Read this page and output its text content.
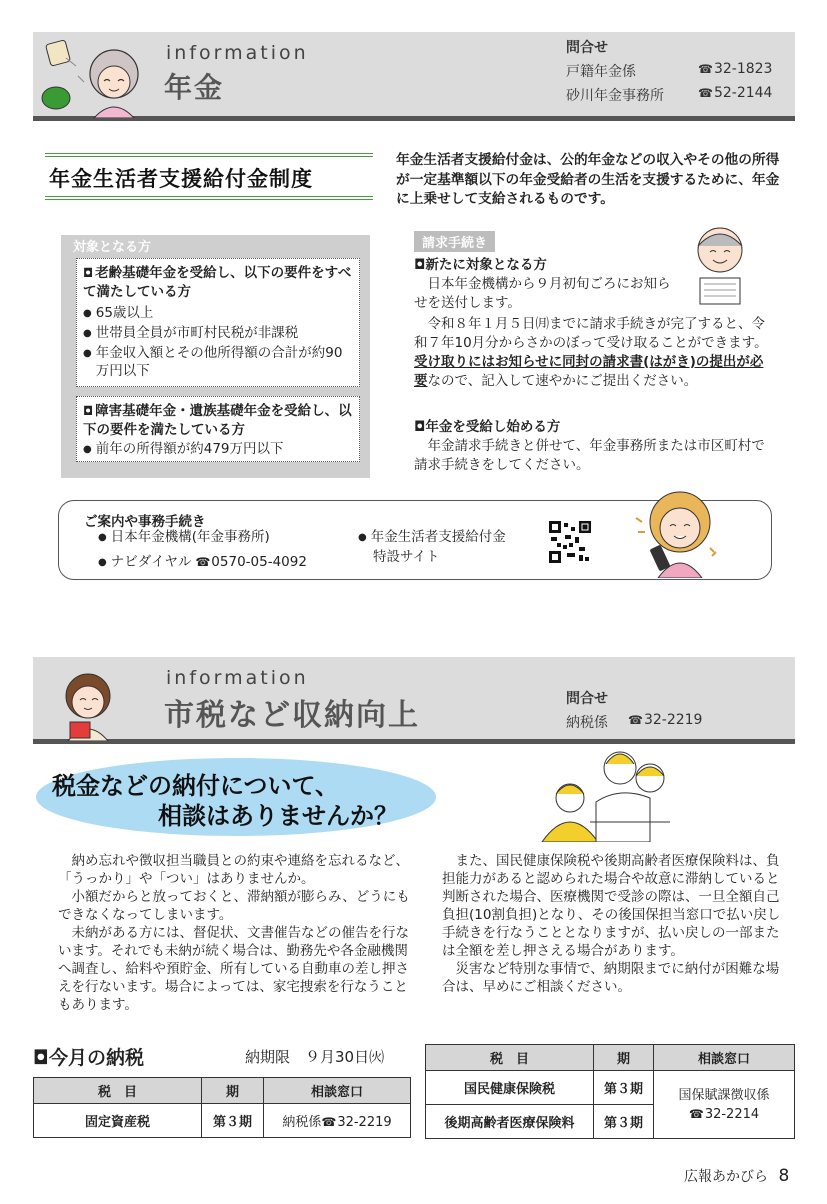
information
年金
問合せ
戸籍年金係	☎ 32-1823
砂川年金事務所	☎ 52-2144
年金生活者支援給付金制度
年金生活者支援給付金は、公的年金などの収入やその他の所得が一定基準額以下の年金受給者の生活を支援するために、年金に上乗せして支給されるものです。
対象となる方
◘ 老齢基礎年金を受給し、以下の要件をすべて満たしている方
● 65歳以上
● 世帯員全員が市町村民税が非課税
● 年金収入額とその他所得額の合計が約90万円以下
◘ 障害基礎年金・遺族基礎年金を受給し、以下の要件を満たしている方
● 前年の所得額が約479万円以下
請求手続き
◘新たに対象となる方
日本年金機構から９月初旬ごろにお知らせを送付します。
令和８年１月５日㈪までに請求手続きが完了すると、令和７年10月分からさかのぼって受け取ることができます。受け取りにはお知らせに同封の請求書(はがき)の提出が必要なので、記入して速やかにご提出ください。
◘年金を受給し始める方
年金請求手続きと併せて、年金事務所または市区町村で請求手続きをしてください。
ご案内や事務手続き
● 日本年金機構(年金事務所)
● ナビダイヤル	☎ 0570-05-4092
● 年金生活者支援給付金
特設サイト
information
市税など収納向上	問合せ
納税係	☎ 32-2219
税金などの納付について、
相談はありませんか？

納め忘れや徴収担当職員との約束や連絡を忘れるなど、「うっかり」や「つい」はありませんか。

小額だからと放っておくと、滞納額が膨らみ、どうにもできなくなってしまいます。

未納がある方には、督促状、文書催告などの催告を行ないます。それでも未納が続く場合は、勤務先や各金融機関へ調査し、給料や預貯金、所有している自動車の差し押さえを行ないます。場合によっては、家宅捜索を行なうこともあります。

また、国民健康保険税や後期高齢者医療保険料は、負担能力があると認められた場合や故意に滞納していると判断された場合、医療機関で受診の際は、一旦全額自己負担(10割負担)となり、その後国保担当窓口で払い戻し手続きを行なうこととなりますが、払い戻しの一部または全額を差し押さえる場合があります。

災害など特別な事情で、納期限までに納付が困難な場合は、早めにご相談ください。

◘今月の納税	納期限　９月30日㈫
税　目	期	相談窓口
固定資産税	第３期	納税係 ☎ 32-2219
税　目	期	相談窓口
国民健康保険税	第３期	国保賦課徴収係
☎ 32-2214

後期高齢者医療保険料	第３期	
広報あかびら 8
